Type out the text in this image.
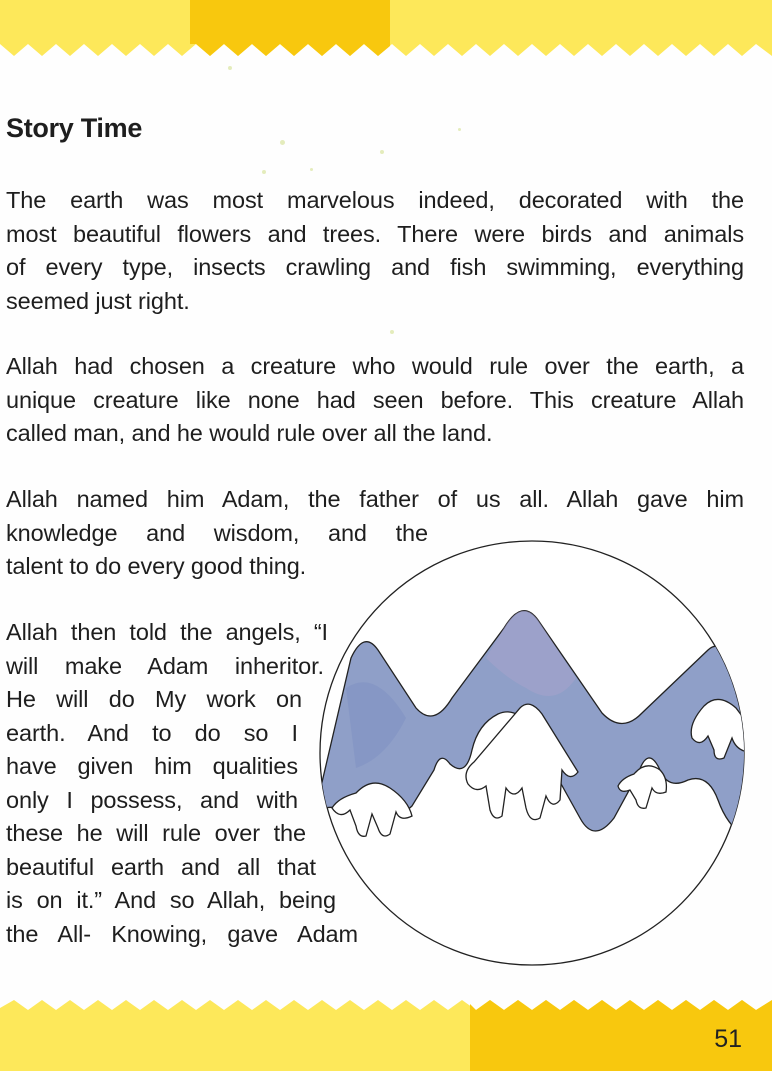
Story Time
The earth was most marvelous indeed, decorated with the
most beautiful flowers and trees. There were birds and animals
of every type, insects crawling and fish swimming, everything
seemed just right.
Allah had chosen a creature who would rule over the earth, a
unique creature like none had seen before. This creature Allah
called man, and he would rule over all the land.
Allah named him Adam, the father of us all. Allah gave him
knowledge and wisdom, and the
talent to do every good thing.
Allah then told the angels, “I
will make Adam inheritor.
He will do My work on
earth. And to do so I
have given him qualities
only I possess, and with
these he will rule over the
beautiful earth and all that
is on it.” And so Allah, being
the All- Knowing, gave Adam
51
